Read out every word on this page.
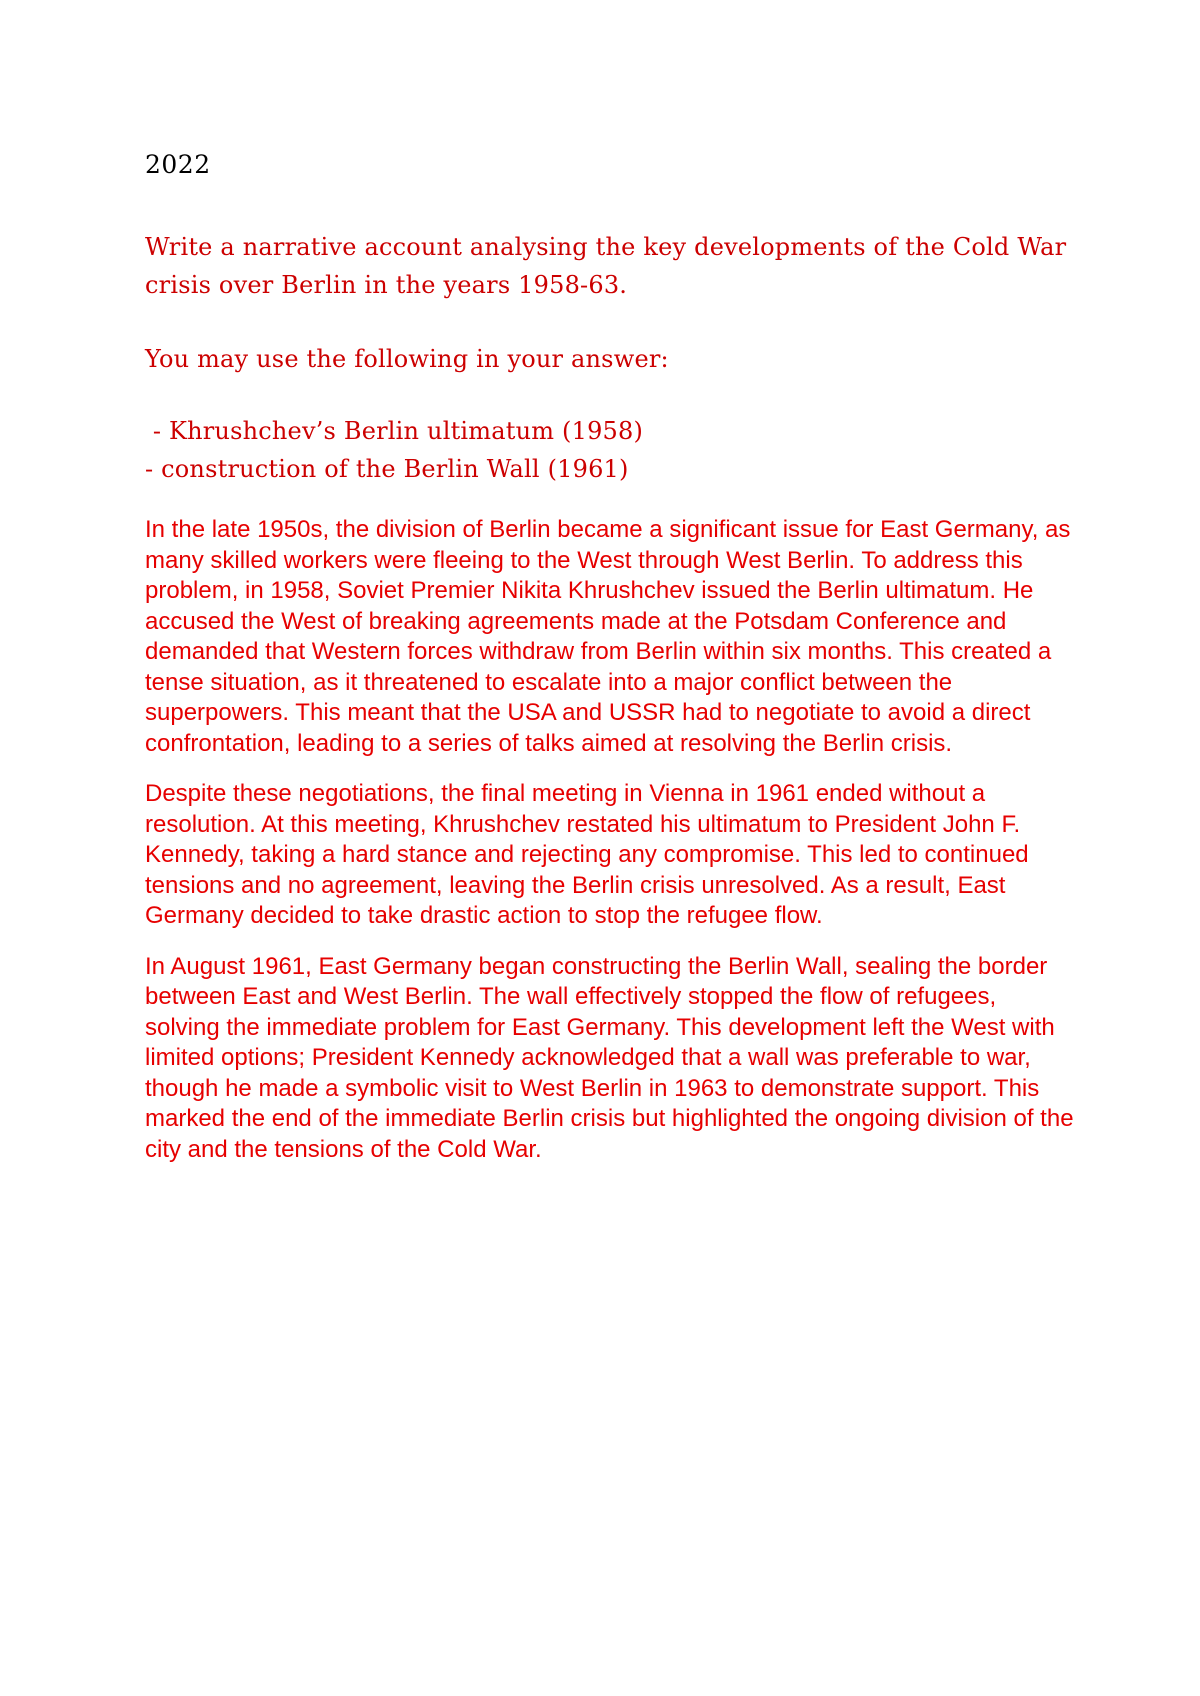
2022
Write a narrative account analysing the key developments of the Cold War crisis over Berlin in the years 1958-63.
You may use the following in your answer:
- Khrushchev’s Berlin ultimatum (1958)
- construction of the Berlin Wall (1961)

In the late 1950s, the division of Berlin became a significant issue for East Germany, as many skilled workers were fleeing to the West through West Berlin. To address this problem, in 1958, Soviet Premier Nikita Khrushchev issued the Berlin ultimatum. He accused the West of breaking agreements made at the Potsdam Conference and demanded that Western forces withdraw from Berlin within six months. This created a tense situation, as it threatened to escalate into a major conflict between the superpowers. This meant that the USA and USSR had to negotiate to avoid a direct confrontation, leading to a series of talks aimed at resolving the Berlin crisis.

Despite these negotiations, the final meeting in Vienna in 1961 ended without a resolution. At this meeting, Khrushchev restated his ultimatum to President John F. Kennedy, taking a hard stance and rejecting any compromise. This led to continued tensions and no agreement, leaving the Berlin crisis unresolved. As a result, East Germany decided to take drastic action to stop the refugee flow.

In August 1961, East Germany began constructing the Berlin Wall, sealing the border between East and West Berlin. The wall effectively stopped the flow of refugees, solving the immediate problem for East Germany. This development left the West with limited options; President Kennedy acknowledged that a wall was preferable to war, though he made a symbolic visit to West Berlin in 1963 to demonstrate support. This marked the end of the immediate Berlin crisis but highlighted the ongoing division of the city and the tensions of the Cold War.
